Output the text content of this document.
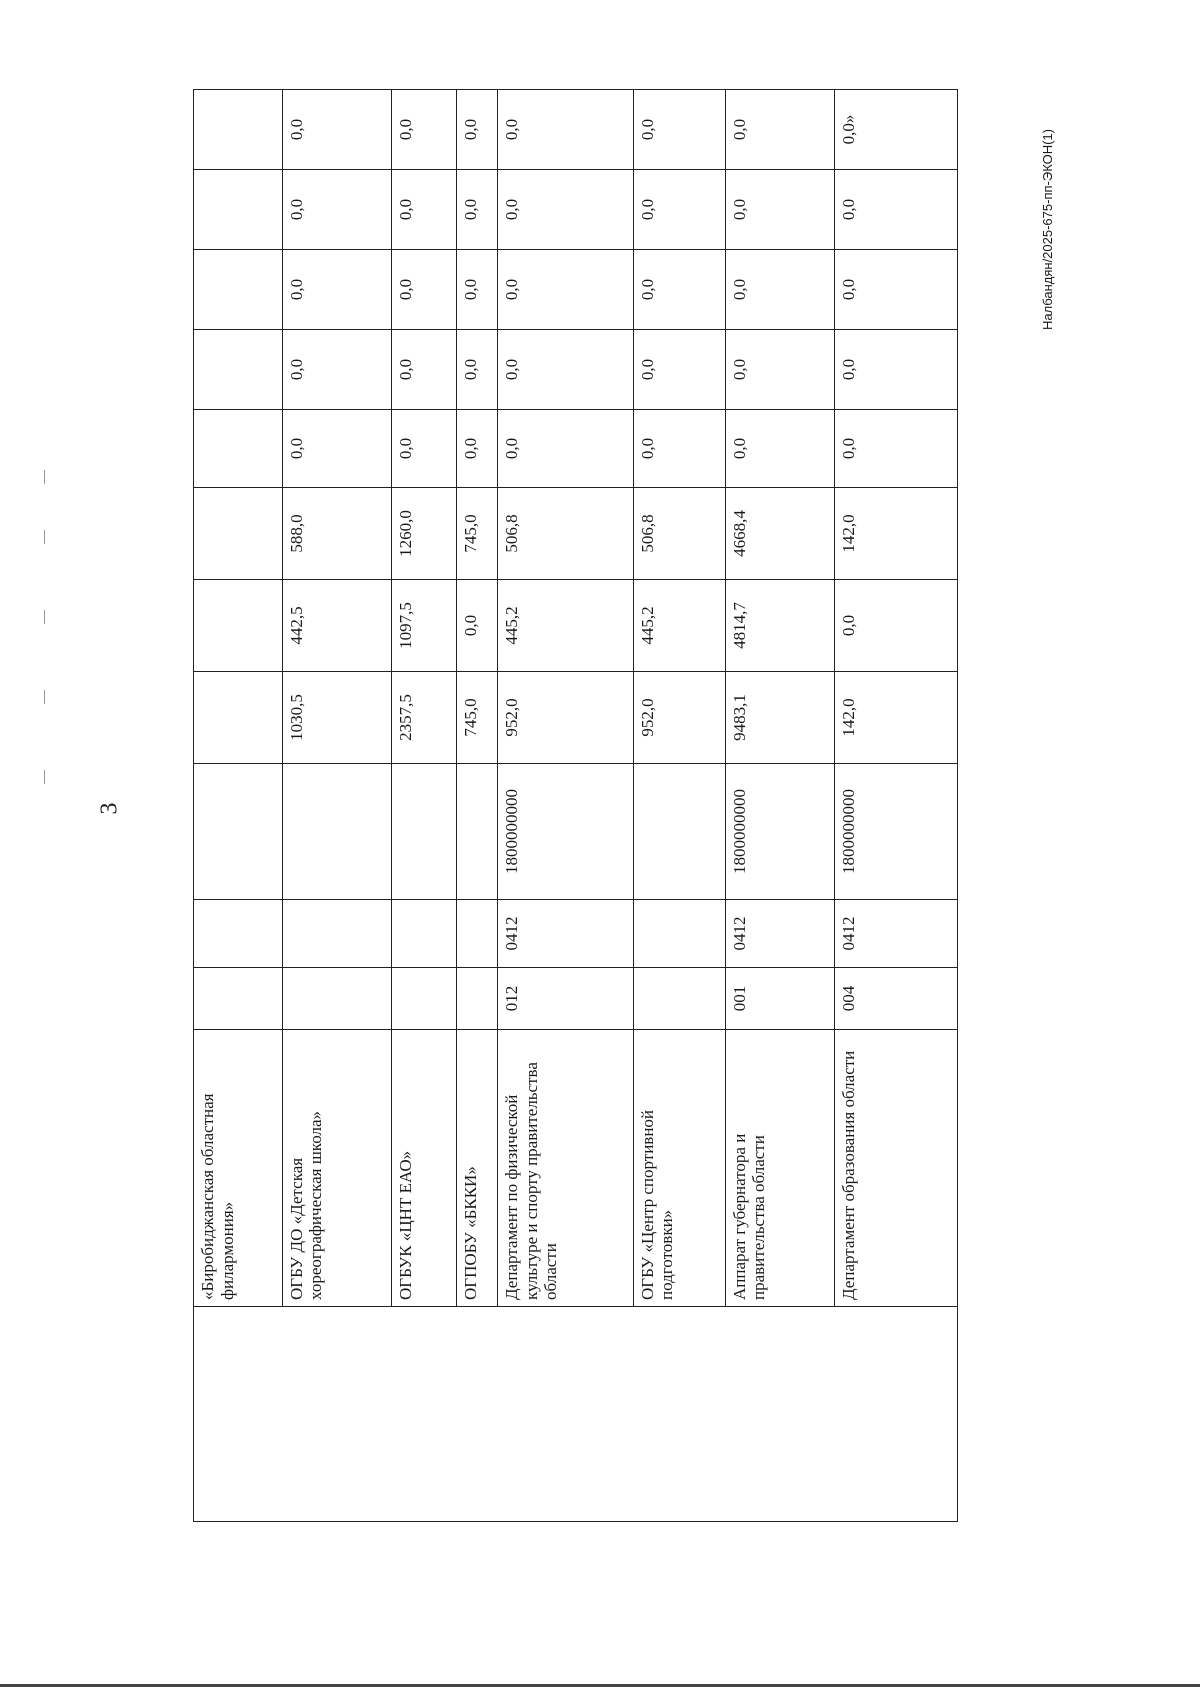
3
	«Биробиджанская областная филармония»											
	ОГБУ ДО «Детская хореографическая школа»				1030,5	442,5	588,0	0,0	0,0	0,0	0,0	0,0
	ОГБУК «ЦНТ ЕАО»				2357,5	1097,5	1260,0	0,0	0,0	0,0	0,0	0,0
	ОГПОБУ «БККИ»				745,0	0,0	745,0	0,0	0,0	0,0	0,0	0,0
	Департамент по физической культуре и спорту правительства области	012	0412	1800000000	952,0	445,2	506,8	0,0	0,0	0,0	0,0	0,0
	ОГБУ «Центр спортивной подготовки»				952,0	445,2	506,8	0,0	0,0	0,0	0,0	0,0
	Аппарат губернатора и правительства области	001	0412	1800000000	9483,1	4814,7	4668,4	0,0	0,0	0,0	0,0	0,0
	Департамент образования области	004	0412	1800000000	142,0	0,0	142,0	0,0	0,0	0,0	0,0	0,0»	Налбандян/2025-675-пп-ЭКОН(1)
